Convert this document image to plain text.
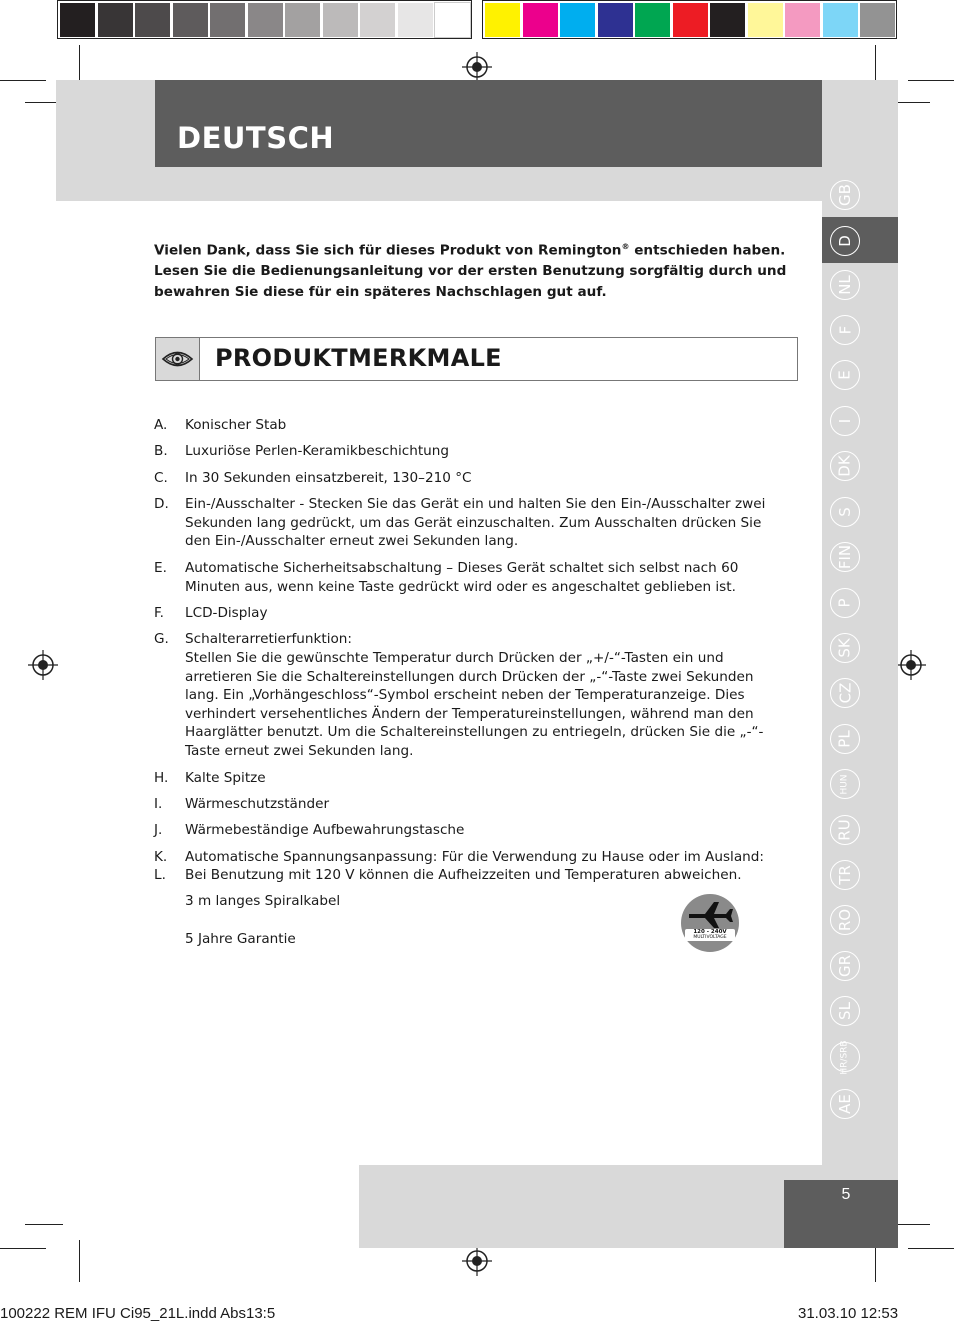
DEUTSCH
GB
D
NL
F
E
I
DK
S
FIN
P
SK
CZ
PL
HUN
RU
TR
RO
GR
SL
HR/SRB
AE
5
Vielen Dank, dass Sie sich für dieses Produkt von Remington® entschieden haben.
Lesen Sie die Bedienungsanleitung vor der ersten Benutzung sorgfältig durch und bewahren Sie diese für ein späteres Nachschlagen gut auf.
PRODUKTMERKMALE
A. Konischer Stab
B. Luxuriöse Perlen-Keramikbeschichtung
C. In 30 Sekunden einsatzbereit, 130–210 °C
D. Ein-/Ausschalter - Stecken Sie das Gerät ein und halten Sie den Ein-/Ausschalter zwei Sekunden lang gedrückt, um das Gerät einzuschalten. Zum Ausschalten drücken Sie den Ein-/Ausschalter erneut zwei Sekunden lang.
E. Automatische Sicherheitsabschaltung – Dieses Gerät schaltet sich selbst nach 60 Minuten aus, wenn keine Taste gedrückt wird oder es angeschaltet geblieben ist.
F. LCD-Display
G. Schalterarretierfunktion:
Stellen Sie die gewünschte Temperatur durch Drücken der „+/-“-Tasten ein und arretieren Sie die Schaltereinstellungen durch Drücken der „-“-Taste zwei Sekunden lang. Ein „Vorhängeschloss“-Symbol erscheint neben der Temperaturanzeige. Dies verhindert versehentliches Ändern der Temperatureinstellungen, während man den Haarglätter benutzt. Um die Schaltereinstellungen zu entriegeln, drücken Sie die „-“-Taste erneut zwei Sekunden lang.
H. Kalte Spitze
I. Wärmeschutzständer
J. Wärmebeständige Aufbewahrungstasche
K. Automatische Spannungsanpassung: Für die Verwendung zu Hause oder im Ausland:
L. Bei Benutzung mit 120 V können die Aufheizzeiten und Temperaturen abweichen.
3 m langes Spiralkabel
5 Jahre Garantie	120 - 240V
MULTIVOLTAGE
100222 REM IFU Ci95_21L.indd Abs13:5	31.03.10 12:53
